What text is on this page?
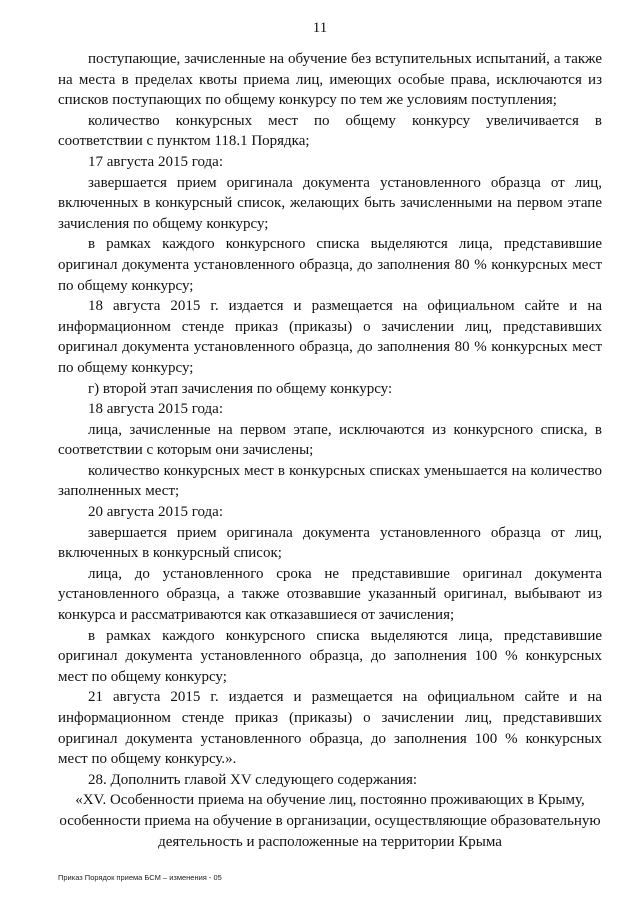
11

поступающие, зачисленные на обучение без вступительных испытаний, а также на места в пределах квоты приема лиц, имеющих особые права, исключаются из списков поступающих по общему конкурсу по тем же условиям поступления;

количество конкурсных мест по общему конкурсу увеличивается в соответствии с пунктом 118.1 Порядка;

17 августа 2015 года:

завершается прием оригинала документа установленного образца от лиц, включенных в конкурсный список, желающих быть зачисленными на первом этапе зачисления по общему конкурсу;

в рамках каждого конкурсного списка выделяются лица, представившие оригинал документа установленного образца, до заполнения 80 % конкурсных мест по общему конкурсу;

18 августа 2015 г. издается и размещается на официальном сайте и на информационном стенде приказ (приказы) о зачислении лиц, представивших оригинал документа установленного образца, до заполнения 80 % конкурсных мест по общему конкурсу;

г) второй этап зачисления по общему конкурсу:

18 августа 2015 года:

лица, зачисленные на первом этапе, исключаются из конкурсного списка, в соответствии с которым они зачислены;

количество конкурсных мест в конкурсных списках уменьшается на количество заполненных мест;

20 августа 2015 года:

завершается прием оригинала документа установленного образца от лиц, включенных в конкурсный список;

лица, до установленного срока не представившие оригинал документа установленного образца, а также отозвавшие указанный оригинал, выбывают из конкурса и рассматриваются как отказавшиеся от зачисления;

в рамках каждого конкурсного списка выделяются лица, представившие оригинал документа установленного образца, до заполнения 100 % конкурсных мест по общему конкурсу;

21 августа 2015 г. издается и размещается на официальном сайте и на информационном стенде приказ (приказы) о зачислении лиц, представивших оригинал документа установленного образца, до заполнения 100 % конкурсных мест по общему конкурсу.».

28. Дополнить главой XV следующего содержания:

«XV. Особенности приема на обучение лиц, постоянно проживающих в Крыму, особенности приема на обучение в организации, осуществляющие образовательную деятельность и расположенные на территории Крыма

Приказ Порядок приема БСМ – изменения - 05
